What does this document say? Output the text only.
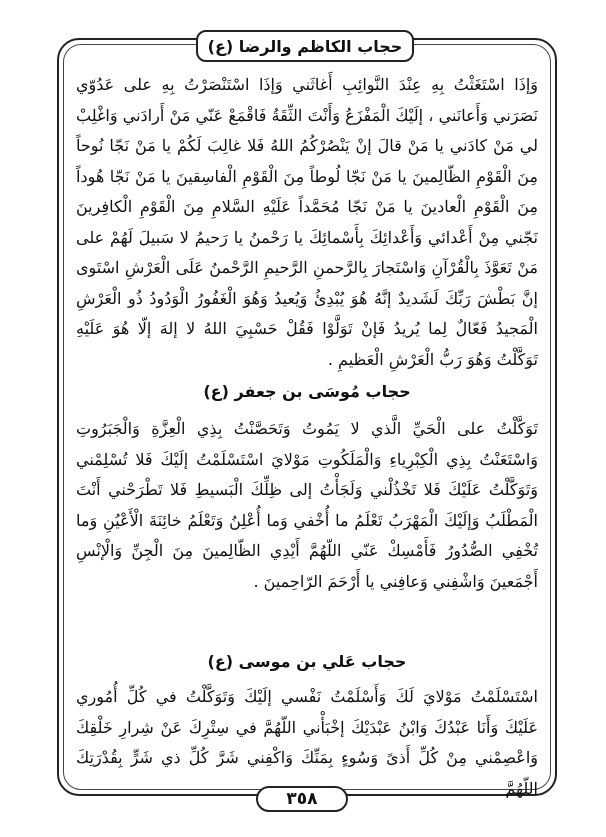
حجاب الكاظم والرضا (ع)
وَإذَا اسْتَغَثْتُ بِهِ عِنْدَ النَّوائِبِ أَغاثَني وَإذَا اسْتَنْصَرْتُ بِهِ على عَدُوّي نَصَرَني وَأَعانَني ، إلَيْكَ الْمَفْزَعُ وَأَنْتَ الثِّقَةُ فَاقْمَعْ عَنّي مَنْ أَرادَني وَاغْلِبْ لي مَنْ كادَني يا مَنْ قالَ إنْ يَنْصُرْكُمُ اللهُ فَلا غالِبَ لَكُمْ يا مَنْ نَجّا نُوحاً مِنَ الْقَوْمِ الظّالِمينَ يا مَنْ نَجّا لُوطاً مِنَ الْقَوْمِ الْفاسِقينَ يا مَنْ نَجّا هُوداً مِنَ الْقَوْمِ الْعادينَ يا مَنْ نَجّا مُحَمَّداً عَلَيْهِ السَّلامِ مِنَ الْقَوْمِ الْكافِرينَ نَجّني مِنْ أَعْدائي وَأَعْدائِكَ بِأَسْمائِكَ يا رَحْمنُ يا رَحيمُ لا سَبيلَ لَهُمْ على مَنْ تَعَوَّذَ بِالْقُرْآنِ وَاسْتَجارَ بِالرَّحمنِ الرَّحيمِ الرَّحْمنُ عَلَى الْعَرْشِ اسْتَوى إنَّ بَطْشَ رَبِّكَ لَشَديدٌ إنَّهُ هُوَ يُبْدِئُ وَيُعيدُ وَهُوَ الْغَفُورُ الْوَدُودُ ذُو الْعَرْشِ الْمَجيدُ فَعّالٌ لِما يُريدُ فَإنْ تَوَلَّوْا فَقُلْ حَسْبِيَ اللهُ لا إلهَ إلّا هُوَ عَلَيْهِ تَوَكَّلْتُ وَهُوَ رَبُّ الْعَرْشِ الْعَظيمِ .
حجاب مُوسَى بن جعفر (ع)
تَوَكَّلْتُ على الْحَيِّ الَّذي لا يَمُوتُ وَتَحَصَّنْتُ بِذِي الْعِزَّةِ وَالْجَبَرُوتِ وَاسْتَعَنْتُ بِذِي الْكِبْرِياءِ وَالْمَلَكُوتِ مَوْلايَ اسْتَسْلَمْتُ إلَيْكَ فَلا تُسْلِمْني وَتَوَكَّلْتُ عَلَيْكَ فَلا تَخْذُلْني وَلَجَأْتُ إلى ظِلِّكَ الْبَسيطِ فَلا تَطْرَحْني أَنْتَ الْمَطْلَبُ وَإلَيْكَ الْمَهْرَبُ تَعْلَمُ ما أُخْفي وَما أُعْلِنُ وَتَعْلَمُ خائِنَةَ الْأَعْيُنِ وَما تُخْفِي الصُّدُورُ فَأَمْسِكْ عَنّي اللّهُمَّ أَيْدِي الظّالِمينَ مِنَ الْجِنِّ وَالْإنْسِ أَجْمَعينَ وَاشْفِني وَعافِني يا أَرْحَمَ الرّاحِمينَ .
حجاب عَلي بن موسى (ع)
اسْتَسْلَمْتُ مَوْلايَ لَكَ وَأَسْلَمْتُ نَفْسي إلَيْكَ وَتَوَكَّلْتُ في كُلِّ أُمُوري عَلَيْكَ وَأَنَا عَبْدُكَ وَابْنُ عَبْدَيْكَ إخْبَأْني اللّهُمَّ في سِتْرِكَ عَنْ شِرارِ خَلْقِكَ وَاعْصِمْني مِنْ كُلِّ أَذىً وَسُوءٍ بِمَنِّكَ وَاكْفِني شَرَّ كُلِّ ذي شَرٍّ بِقُدْرَتِكَ اللّهُمَّ
٣٥٨
